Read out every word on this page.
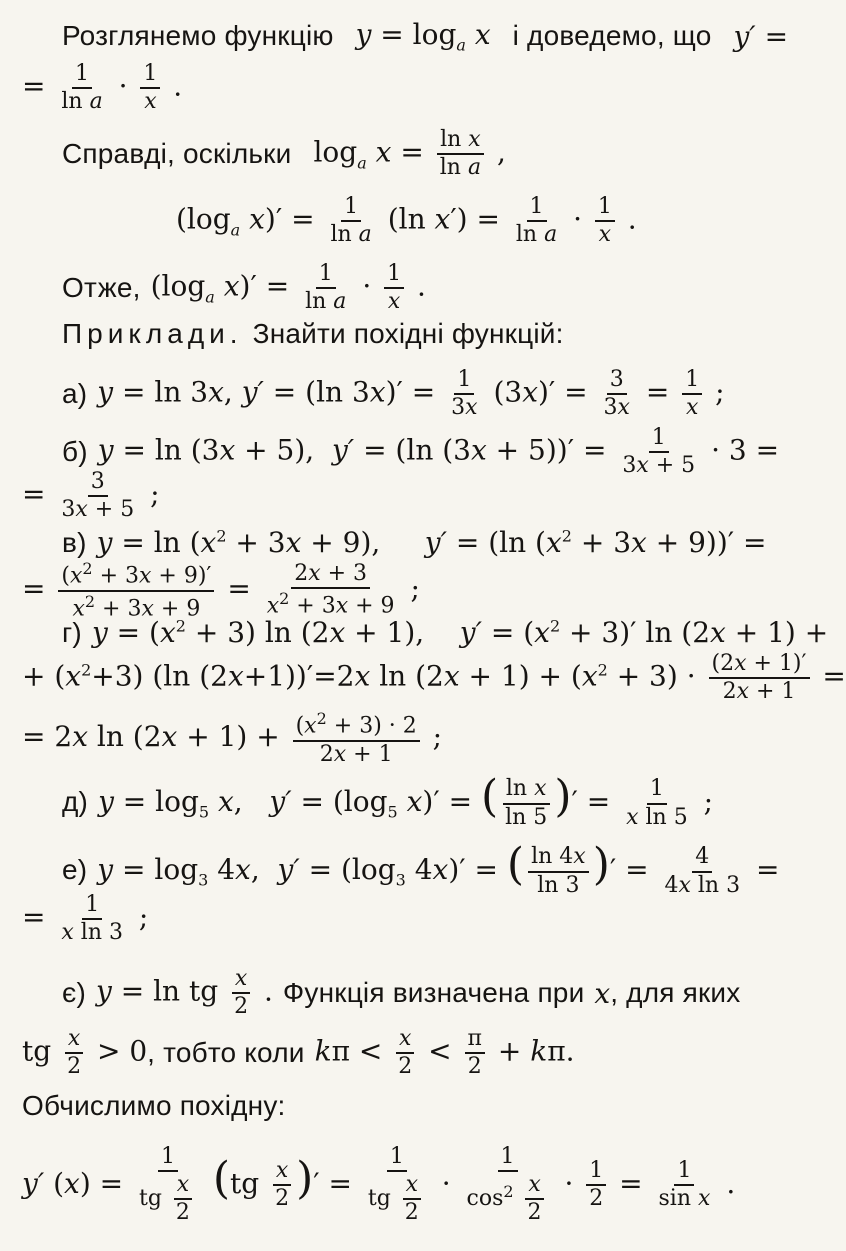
Розглянемо функцію $y = \log_a x$ і доведемо, що y′ =
= $\frac{1}{\text{ln a}} \cdot \frac{1}{x}$ .
Справді, оскільки $\log_a x = \frac{\text{ln x}}{\text{ln a}}$ ,
($\log_a$ $x)' = \frac{1}{\text{ln a}} (\ln$ $x') = \frac{1}{\text{ln a}} \cdot \frac{1}{x}$ .
Отже, ($\log_a$ $x)' = \frac{1}{\text{ln a}} \cdot \frac{1}{x}$ .
Приклади. Знайти похідні функцій:
а) y = ln 3x, y′ = (ln $3x)' = \frac{1}{3x} (3x)' = \frac{3}{3x} = \frac{1}{x}$ ;
б) y = ln (3x + 5),  y′ = (ln $(3x + 5))' = \frac{1}{3x + 5} \cdot 3$ =
= $\frac{3}{3x + 5}$ ;
в) $y = \ln (x^2 + 3x + 9)$,     y′ = (ln $(x^2 + 3x + 9))'$ =
= $\frac{(x^2 + 3x + 9)'}{x^2 + 3x + 9} = \frac{2x + 3}{x^2 + 3x + 9}$ ;
г) $y = (x^2 + 3)$ ln (2x + 1),    $y' = (x^2 + 3)'$ ln (2x + 1) +
+ $(x^2+3)$ (ln (2x+1))′=2x $\ln (2x + 1) + (x^2 + 3) \cdot \frac{(2x + 1)'}{2x + 1}$ =
= 2x $\ln (2x + 1) + \frac{(x^2 + 3) \cdot 2}{2x + 1}$ ;
д) $y = \log_5 x$,   $y' = (\log_5$ x)′ = ( $\frac{\text{ln x}}{\ln 5}$ )′ = $\frac{1}{\text{x ln 5}}$ ;
е) $y = \log_3 4x$,  $y' = (\log_3$ 4x)′ = ( $\frac{\ln 4x}{\ln 3}$ )′ = $\frac{4}{\text{4x ln 3}}$ =
= $\frac{1}{\text{x ln 3}}$ ;
є) y = ln tg $\frac{x}{2}$ . Функція визначена при x , для яких
tg $\frac{x}{2} > 0$ , тобто коли $k\pi < \frac{x}{2} < \frac{\pi}{2} + k\pi$.
Обчислимо похідну:
y′ $(x) = \frac{1}{tg \frac{x}{2}} (tg \frac{x}{2}$ )′ = $\frac{1}{tg \frac{x}{2}} \cdot \frac{1}{\cos^2 \frac{x}{2}} \cdot \frac{1}{2} = \frac{1}{\text{sin x}}$ .
